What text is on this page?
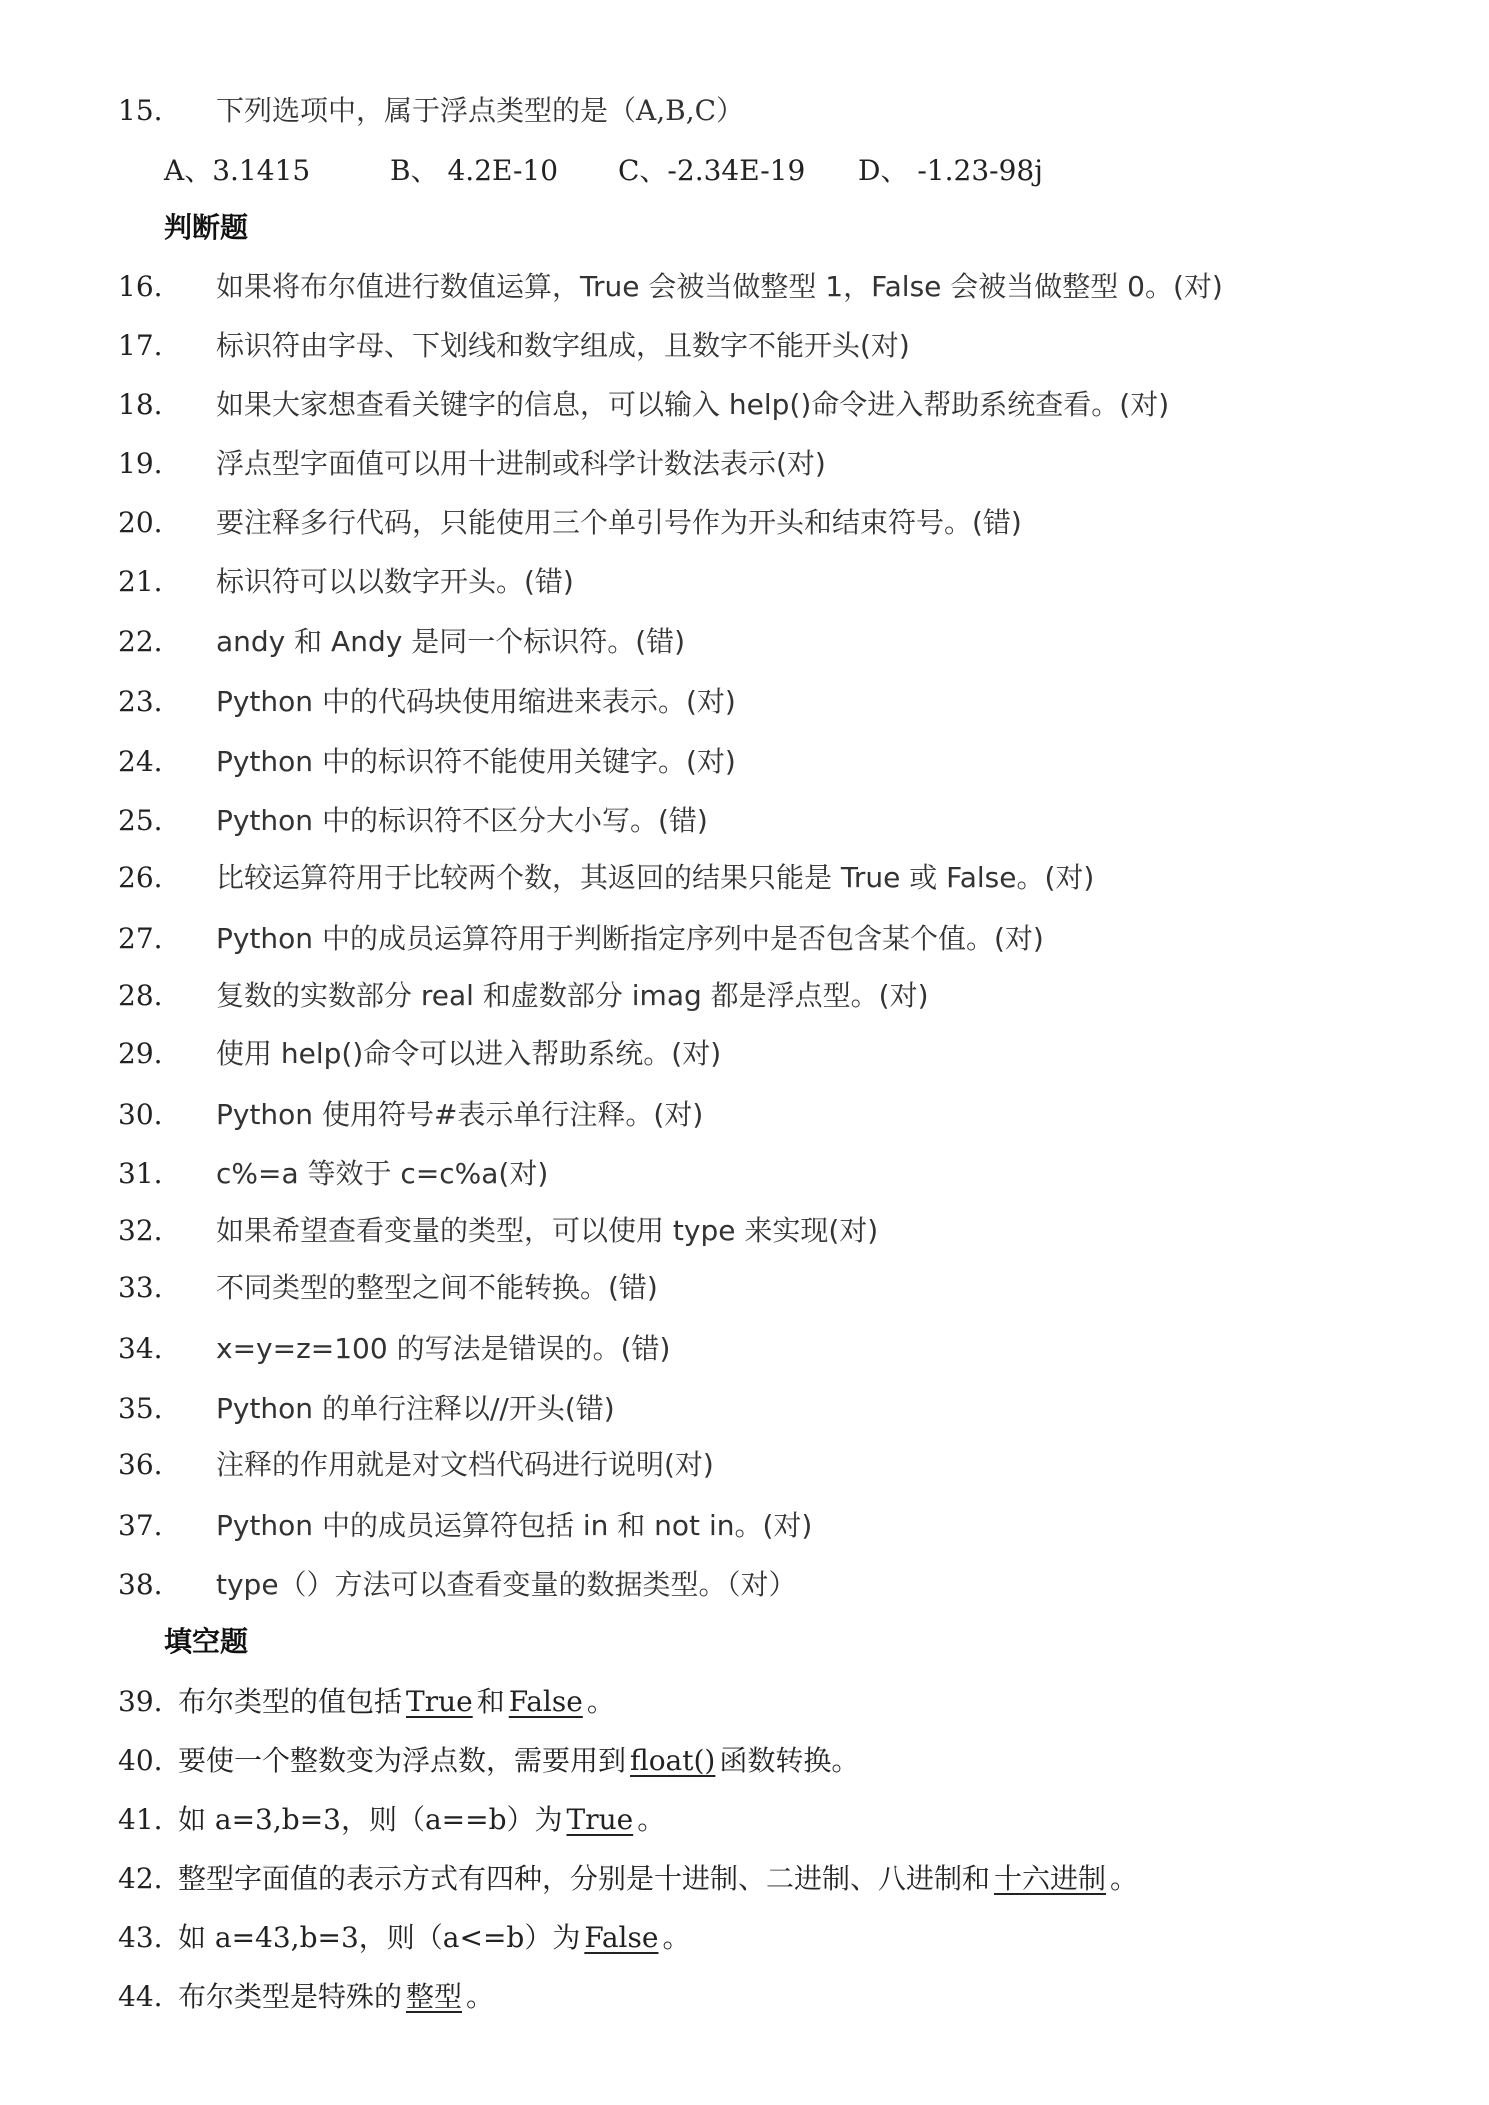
15. 下列选项中，属于浮点类型的是（A,B,C）
A、3.1415	B、 4.2E-10 C、-2.34E-19 D、 -1.23-98j
判断题
16. 如果将布尔值进行数值运算，True 会被当做整型 1，False 会被当做整型 0。(对)
17. 标识符由字母、下划线和数字组成，且数字不能开头(对)
18. 如果大家想查看关键字的信息，可以输入 help()命令进入帮助系统查看。(对)
19. 浮点型字面值可以用十进制或科学计数法表示(对)
20. 要注释多行代码，只能使用三个单引号作为开头和结束符号。(错)
21. 标识符可以以数字开头。(错)
22. andy 和 Andy 是同一个标识符。(错)
23. Python 中的代码块使用缩进来表示。(对)
24. Python 中的标识符不能使用关键字。(对)
25. Python 中的标识符不区分大小写。(错)
26. 比较运算符用于比较两个数，其返回的结果只能是 True 或 False。(对)
27. Python 中的成员运算符用于判断指定序列中是否包含某个值。(对)
28. 复数的实数部分 real 和虚数部分 imag 都是浮点型。(对)
29. 使用 help()命令可以进入帮助系统。(对)
30. Python 使用符号#表示单行注释。(对)
31. c%=a 等效于 c=c%a(对)
32. 如果希望查看变量的类型，可以使用 type 来实现(对)
33. 不同类型的整型之间不能转换。(错)
34. x=y=z=100 的写法是错误的。(错)
35. Python 的单行注释以//开头(错)
36. 注释的作用就是对文档代码进行说明(对)
37. Python 中的成员运算符包括 in 和 not in。(对)
38. type（）方法可以查看变量的数据类型。（对）
填空题
39. 布尔类型的值包括 True 和 False 。
40. 要使一个整数变为浮点数，需要用到 float() 函数转换。
41. 如 a=3,b=3，则（a==b）为 True 。
42. 整型字面值的表示方式有四种，分别是十进制、二进制、八进制和 十六进制 。
43. 如 a=43,b=3，则（a<=b）为 False 。
44. 布尔类型是特殊的 整型 。
